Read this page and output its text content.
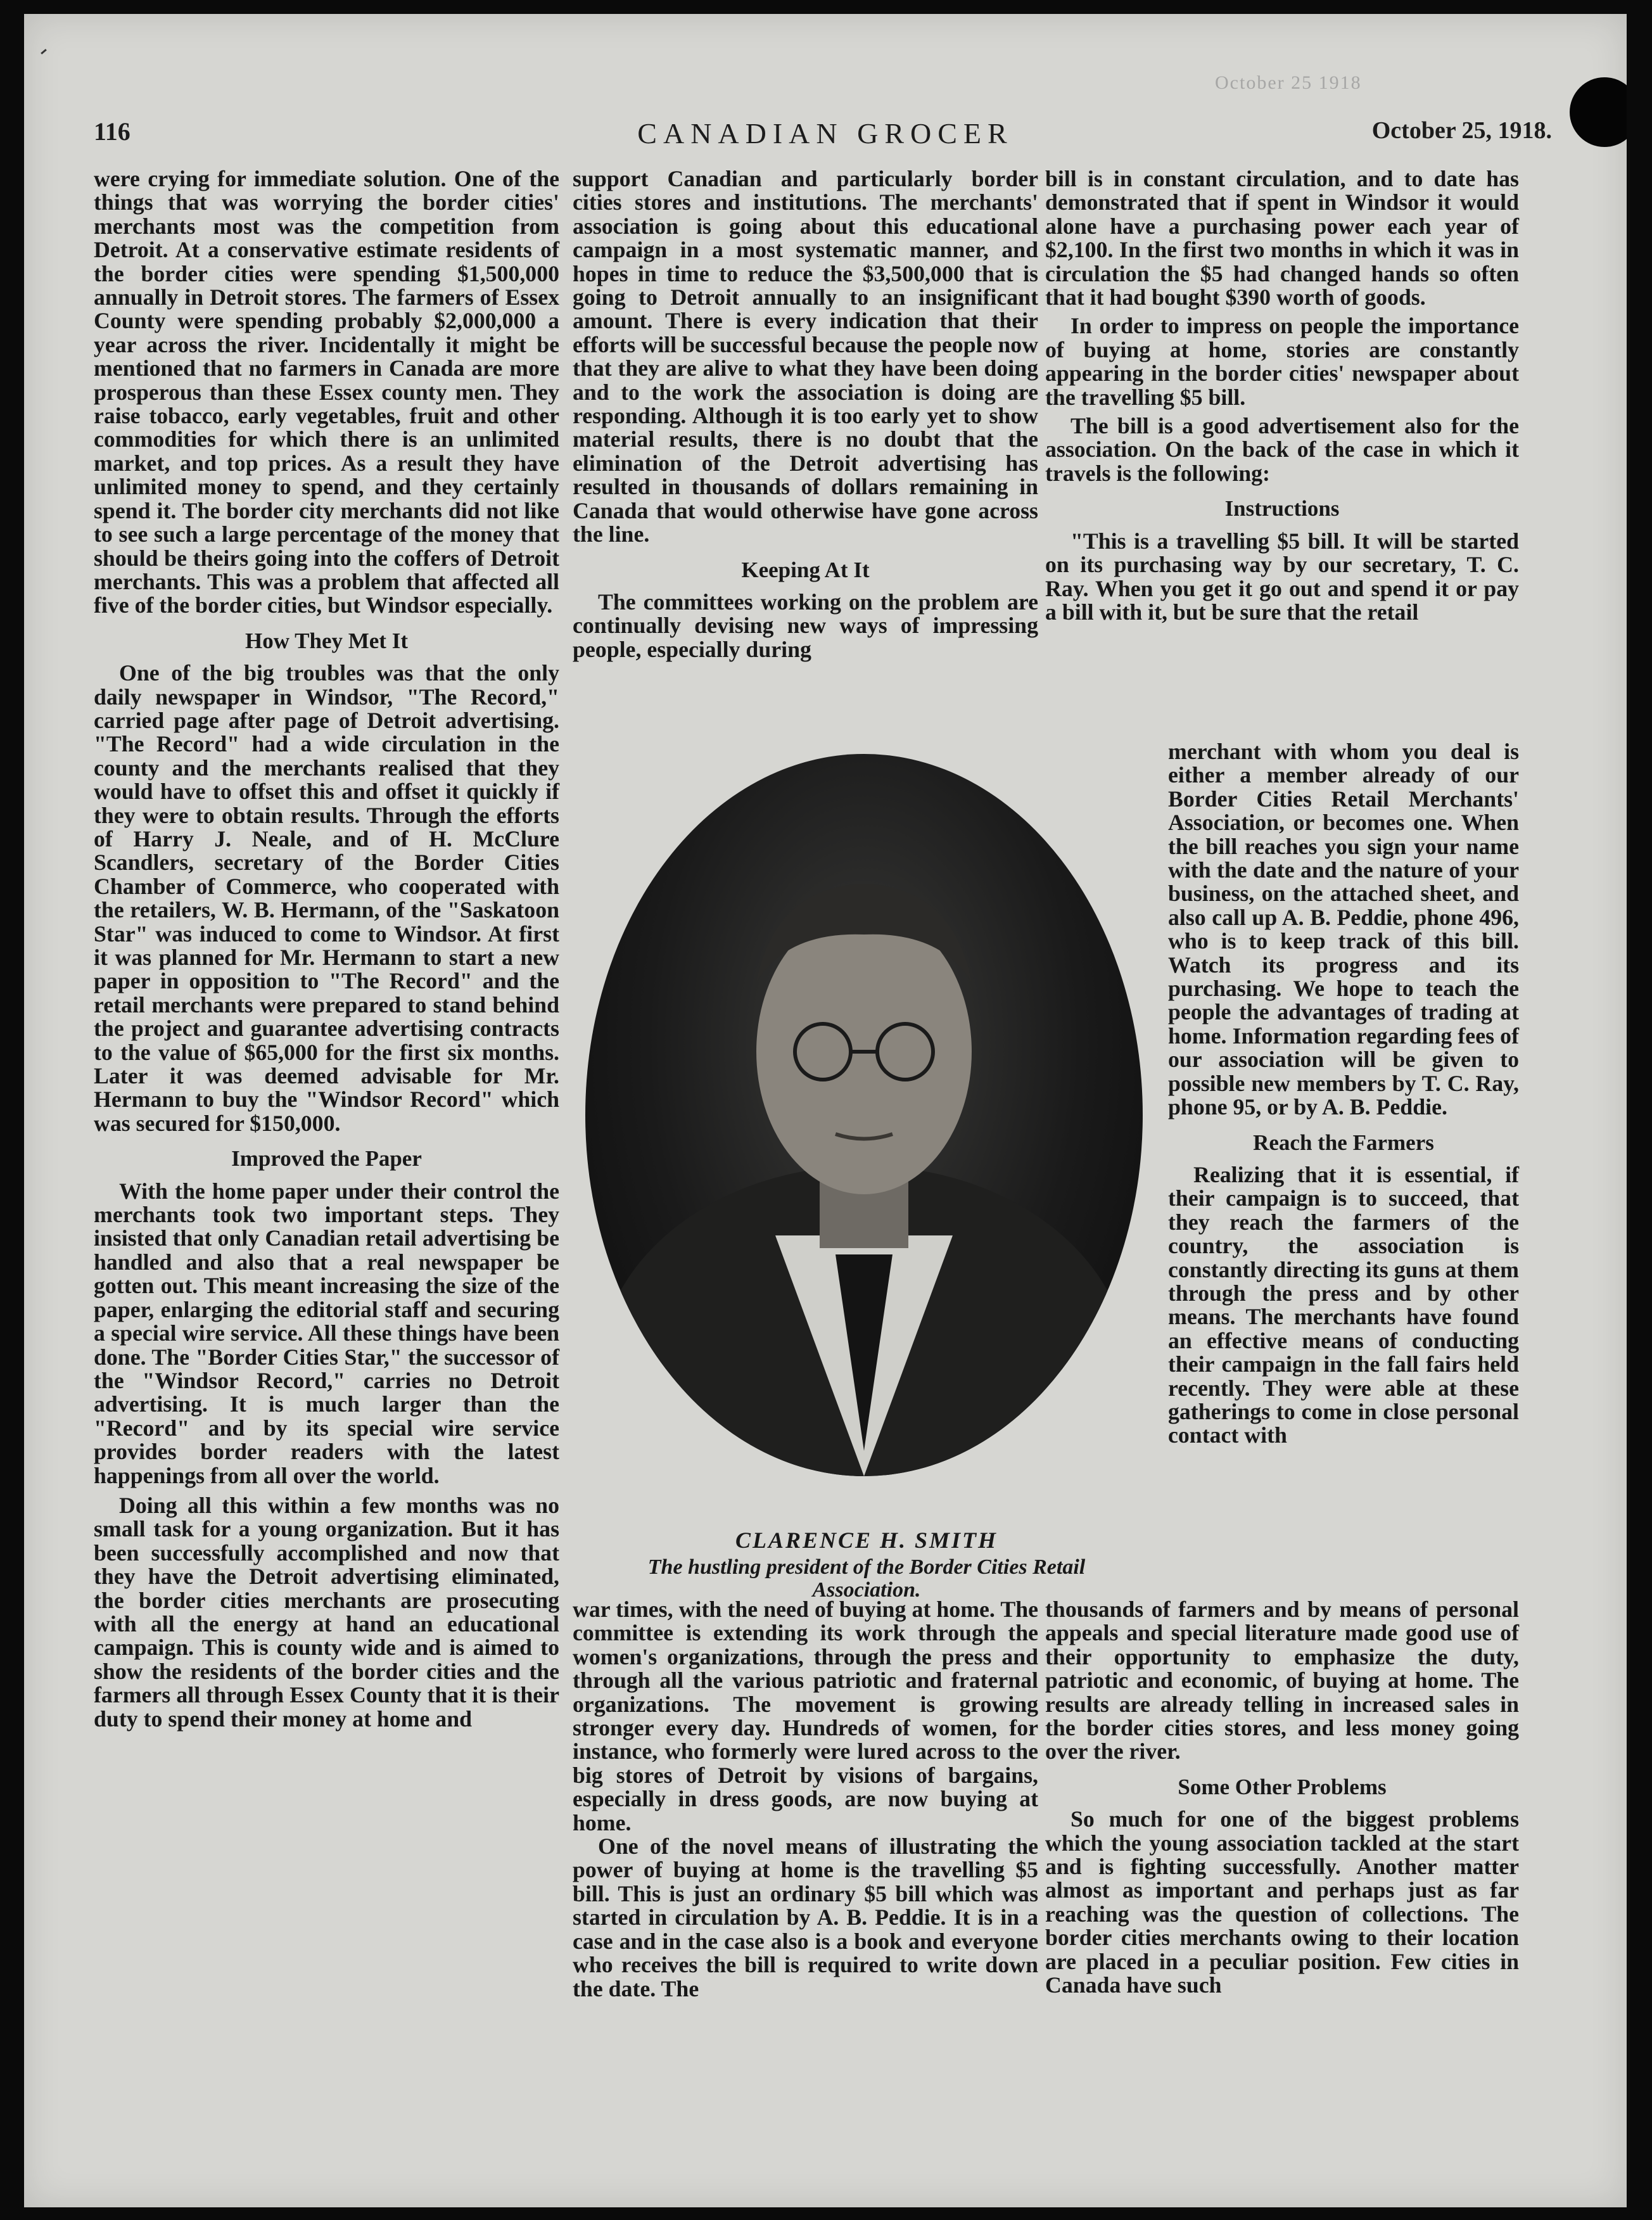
October 25 1918
116	CANADIAN GROCER	October 25, 1918.

were crying for immediate solution. One of the things that was worrying the border cities' merchants most was the competition from Detroit. At a conservative estimate residents of the border cities were spending $1,500,000 annually in Detroit stores. The farmers of Essex County were spending probably $2,000,000 a year across the river. Incidentally it might be mentioned that no farmers in Canada are more prosperous than these Essex county men. They raise tobacco, early vegetables, fruit and other commodities for which there is an unlimited market, and top prices. As a result they have unlimited money to spend, and they certainly spend it. The border city merchants did not like to see such a large percentage of the money that should be theirs going into the coffers of Detroit merchants. This was a problem that affected all five of the border cities, but Windsor especially.

How They Met It

One of the big troubles was that the only daily newspaper in Windsor, "The Record," carried page after page of Detroit advertising. "The Record" had a wide circulation in the county and the merchants realised that they would have to offset this and offset it quickly if they were to obtain results. Through the efforts of Harry J. Neale, and of H. McClure Scandlers, secretary of the Border Cities Chamber of Commerce, who cooperated with the retailers, W. B. Hermann, of the "Saskatoon Star" was induced to come to Windsor. At first it was planned for Mr. Hermann to start a new paper in opposition to "The Record" and the retail merchants were prepared to stand behind the project and guarantee advertising contracts to the value of $65,000 for the first six months. Later it was deemed advisable for Mr. Hermann to buy the "Windsor Record" which was secured for $150,000.

Improved the Paper

With the home paper under their control the merchants took two important steps. They insisted that only Canadian retail advertising be handled and also that a real newspaper be gotten out. This meant increasing the size of the paper, enlarging the editorial staff and securing a special wire service. All these things have been done. The "Border Cities Star," the successor of the "Windsor Record," carries no Detroit advertising. It is much larger than the "Record" and by its special wire service provides border readers with the latest happenings from all over the world.

Doing all this within a few months was no small task for a young organization. But it has been successfully accomplished and now that they have the Detroit advertising eliminated, the border cities merchants are prosecuting with all the energy at hand an educational campaign. This is county wide and is aimed to show the residents of the border cities and the farmers all through Essex County that it is their duty to spend their money at home and

support Canadian and particularly border cities stores and institutions. The merchants' association is going about this educational campaign in a most systematic manner, and hopes in time to reduce the $3,500,000 that is going to Detroit annually to an insignificant amount. There is every indication that their efforts will be successful because the people now that they are alive to what they have been doing and to the work the association is doing are responding. Although it is too early yet to show material results, there is no doubt that the elimination of the Detroit advertising has resulted in thousands of dollars remaining in Canada that would otherwise have gone across the line.

Keeping At It

The committees working on the problem are continually devising new ways of impressing people, especially during

CLARENCE H. SMITH
The hustling president of the Border Cities Retail Association.

war times, with the need of buying at home. The committee is extending its work through the women's organizations, through the press and through all the various patriotic and fraternal organizations. The movement is growing stronger every day. Hundreds of women, for instance, who formerly were lured across to the big stores of Detroit by visions of bargains, especially in dress goods, are now buying at home.

One of the novel means of illustrating the power of buying at home is the travelling $5 bill. This is just an ordinary $5 bill which was started in circulation by A. B. Peddie. It is in a case and in the case also is a book and everyone who receives the bill is required to write down the date. The

bill is in constant circulation, and to date has demonstrated that if spent in Windsor it would alone have a purchasing power each year of $2,100. In the first two months in which it was in circulation the $5 had changed hands so often that it had bought $390 worth of goods.

In order to impress on people the importance of buying at home, stories are constantly appearing in the border cities' newspaper about the travelling $5 bill.

The bill is a good advertisement also for the association. On the back of the case in which it travels is the following:

Instructions

"This is a travelling $5 bill. It will be started on its purchasing way by our secretary, T. C. Ray. When you get it go out and spend it or pay a bill with it, but be sure that the retail

merchant with whom you deal is either a member already of our Border Cities Retail Merchants' Association, or becomes one. When the bill reaches you sign your name with the date and the nature of your business, on the attached sheet, and also call up A. B. Peddie, phone 496, who is to keep track of this bill. Watch its progress and its purchasing. We hope to teach the people the advantages of trading at home. Information regarding fees of our association will be given to possible new members by T. C. Ray, phone 95, or by A. B. Peddie.

Reach the Farmers

Realizing that it is essential, if their campaign is to succeed, that they reach the farmers of the country, the association is constantly directing its guns at them through the press and by other means. The merchants have found an effective means of conducting their campaign in the fall fairs held recently. They were able at these gatherings to come in close personal contact with

thousands of farmers and by means of personal appeals and special literature made good use of their opportunity to emphasize the duty, patriotic and economic, of buying at home. The results are already telling in increased sales in the border cities stores, and less money going over the river.

Some Other Problems

So much for one of the biggest problems which the young association tackled at the start and is fighting successfully. Another matter almost as important and perhaps just as far reaching was the question of collections. The border cities merchants owing to their location are placed in a peculiar position. Few cities in Canada have such
